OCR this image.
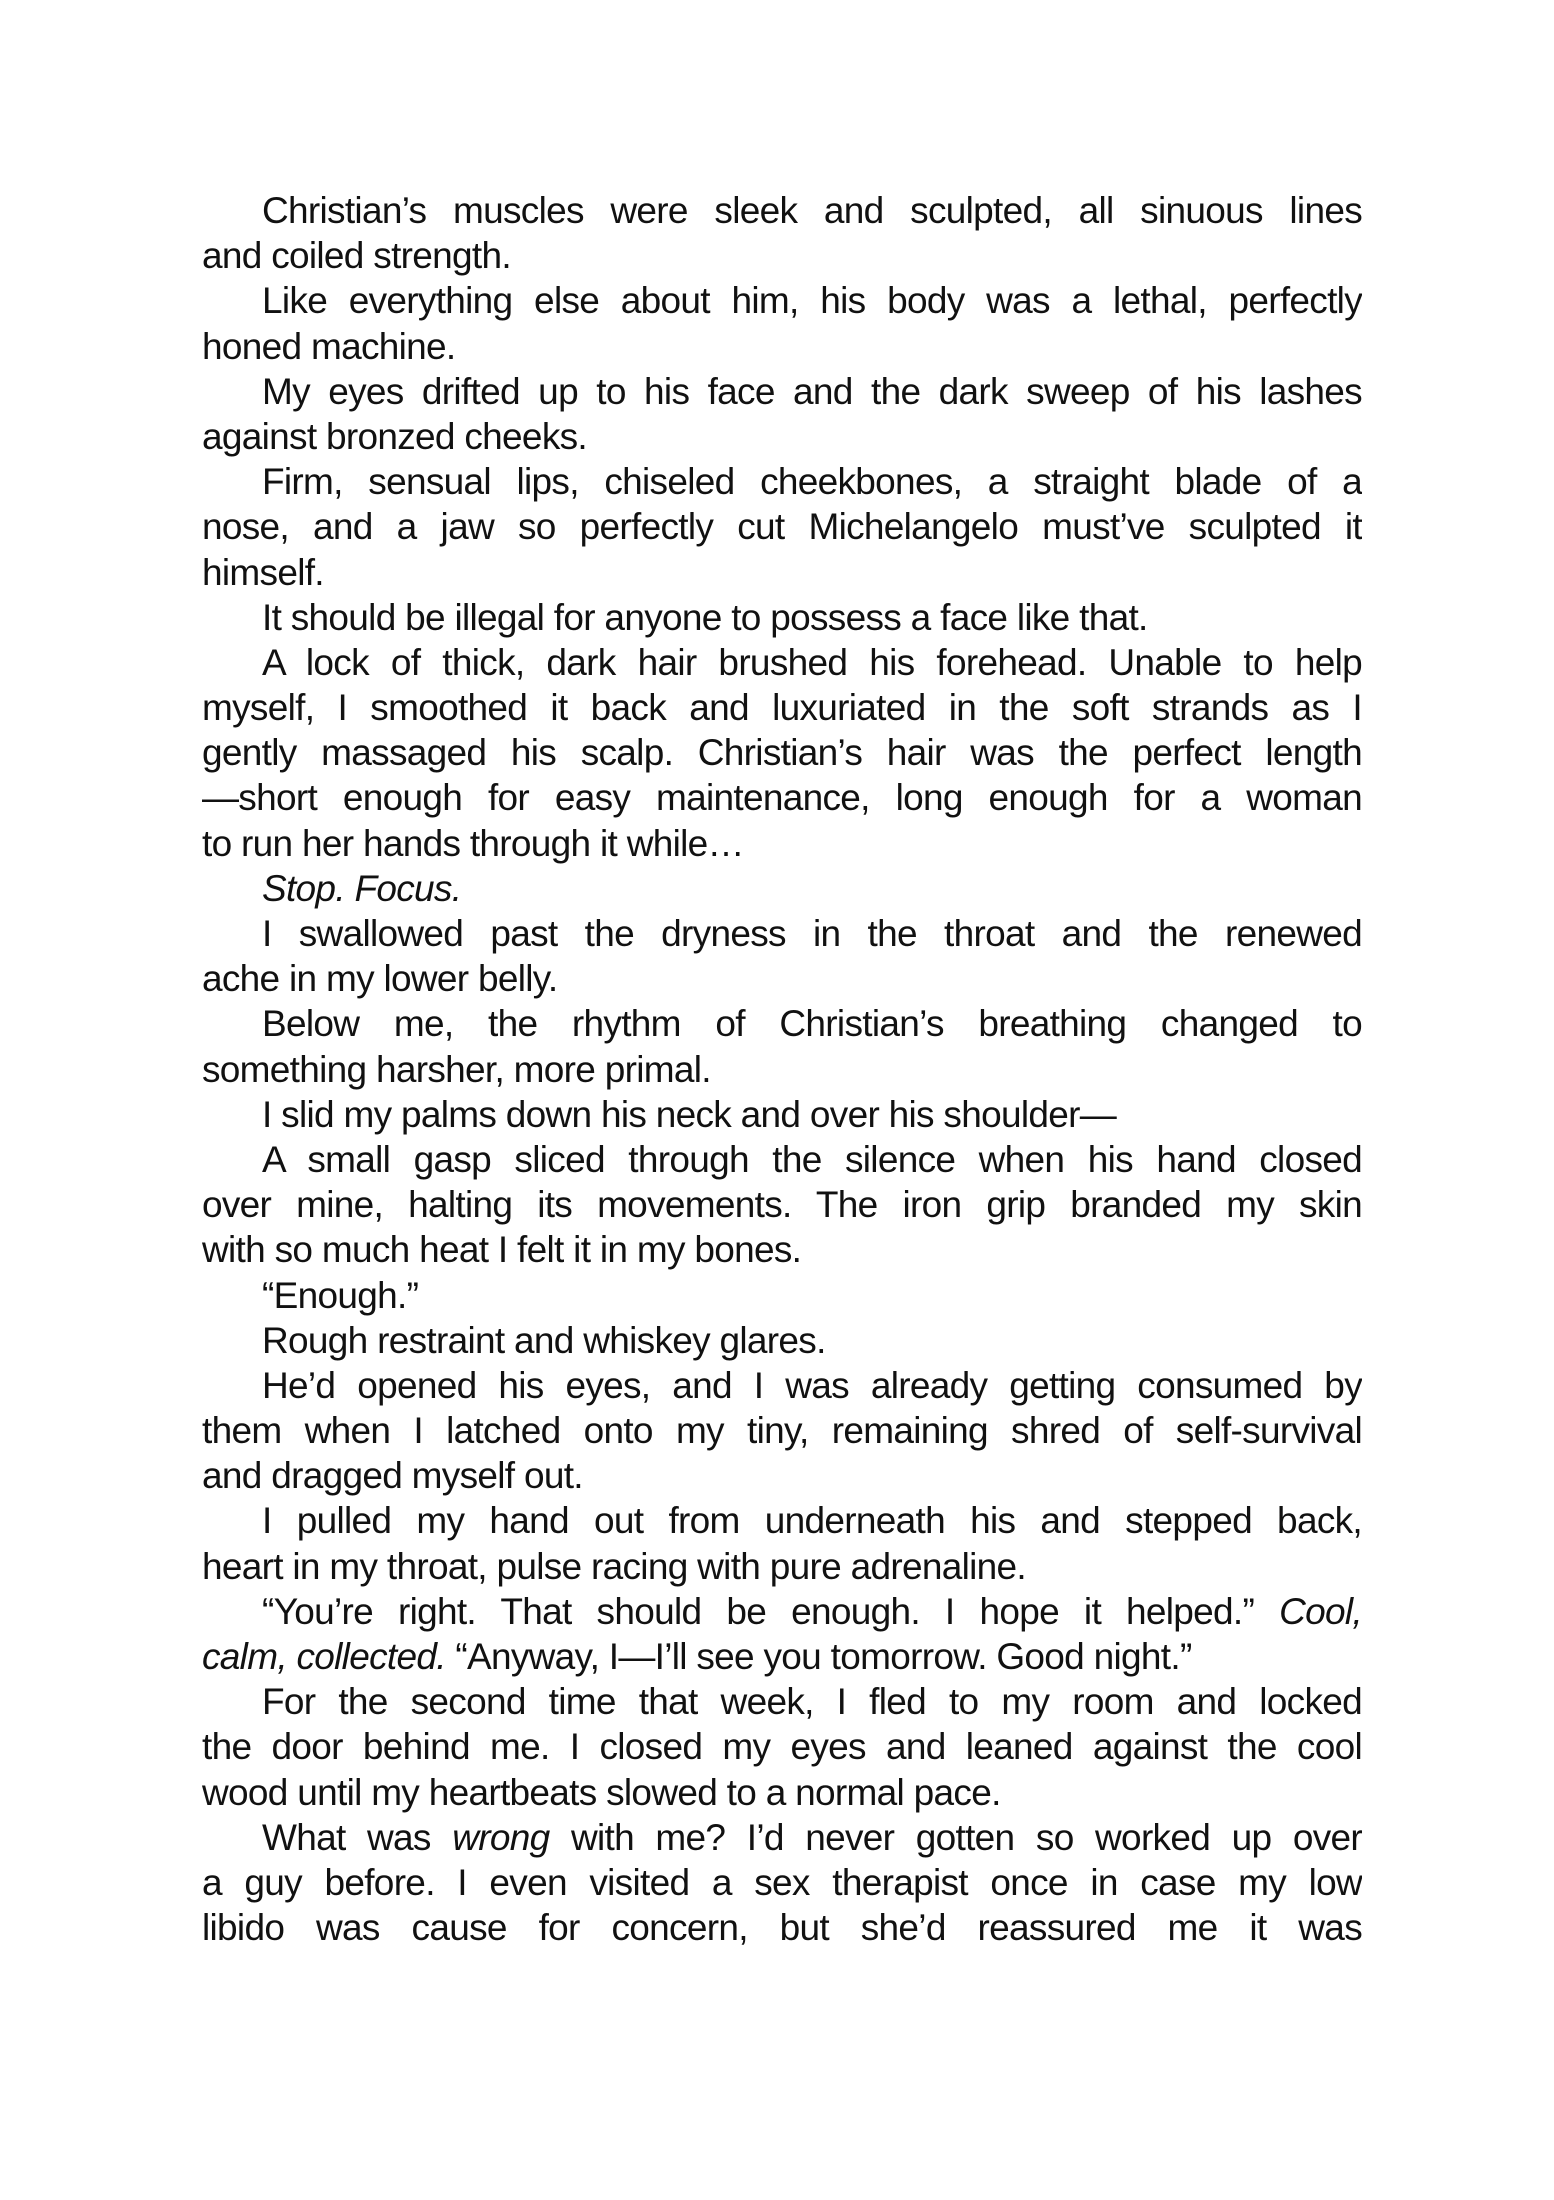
Christian’s muscles were sleek and sculpted, all sinuous lines
and coiled strength.
Like everything else about him, his body was a lethal, perfectly
honed machine.
My eyes drifted up to his face and the dark sweep of his lashes
against bronzed cheeks.
Firm, sensual lips, chiseled cheekbones, a straight blade of a
nose, and a jaw so perfectly cut Michelangelo must’ve sculpted it
himself.
It should be illegal for anyone to possess a face like that.
A lock of thick, dark hair brushed his forehead. Unable to help
myself, I smoothed it back and luxuriated in the soft strands as I
gently massaged his scalp. Christian’s hair was the perfect length
—short enough for easy maintenance, long enough for a woman
to run her hands through it while…
Stop. Focus.
I swallowed past the dryness in the throat and the renewed
ache in my lower belly.
Below me, the rhythm of Christian’s breathing changed to
something harsher, more primal.
I slid my palms down his neck and over his shoulder—
A small gasp sliced through the silence when his hand closed
over mine, halting its movements. The iron grip branded my skin
with so much heat I felt it in my bones.
“Enough.”
Rough restraint and whiskey glares.
He’d opened his eyes, and I was already getting consumed by
them when I latched onto my tiny, remaining shred of self-survival
and dragged myself out.
I pulled my hand out from underneath his and stepped back,
heart in my throat, pulse racing with pure adrenaline.
“You’re right. That should be enough. I hope it helped.” Cool,
calm, collected. “Anyway, I—I’ll see you tomorrow. Good night.”
For the second time that week, I fled to my room and locked
the door behind me. I closed my eyes and leaned against the cool
wood until my heartbeats slowed to a normal pace.
What was wrong with me? I’d never gotten so worked up over
a guy before. I even visited a sex therapist once in case my low
libido was cause for concern, but she’d reassured me it was
